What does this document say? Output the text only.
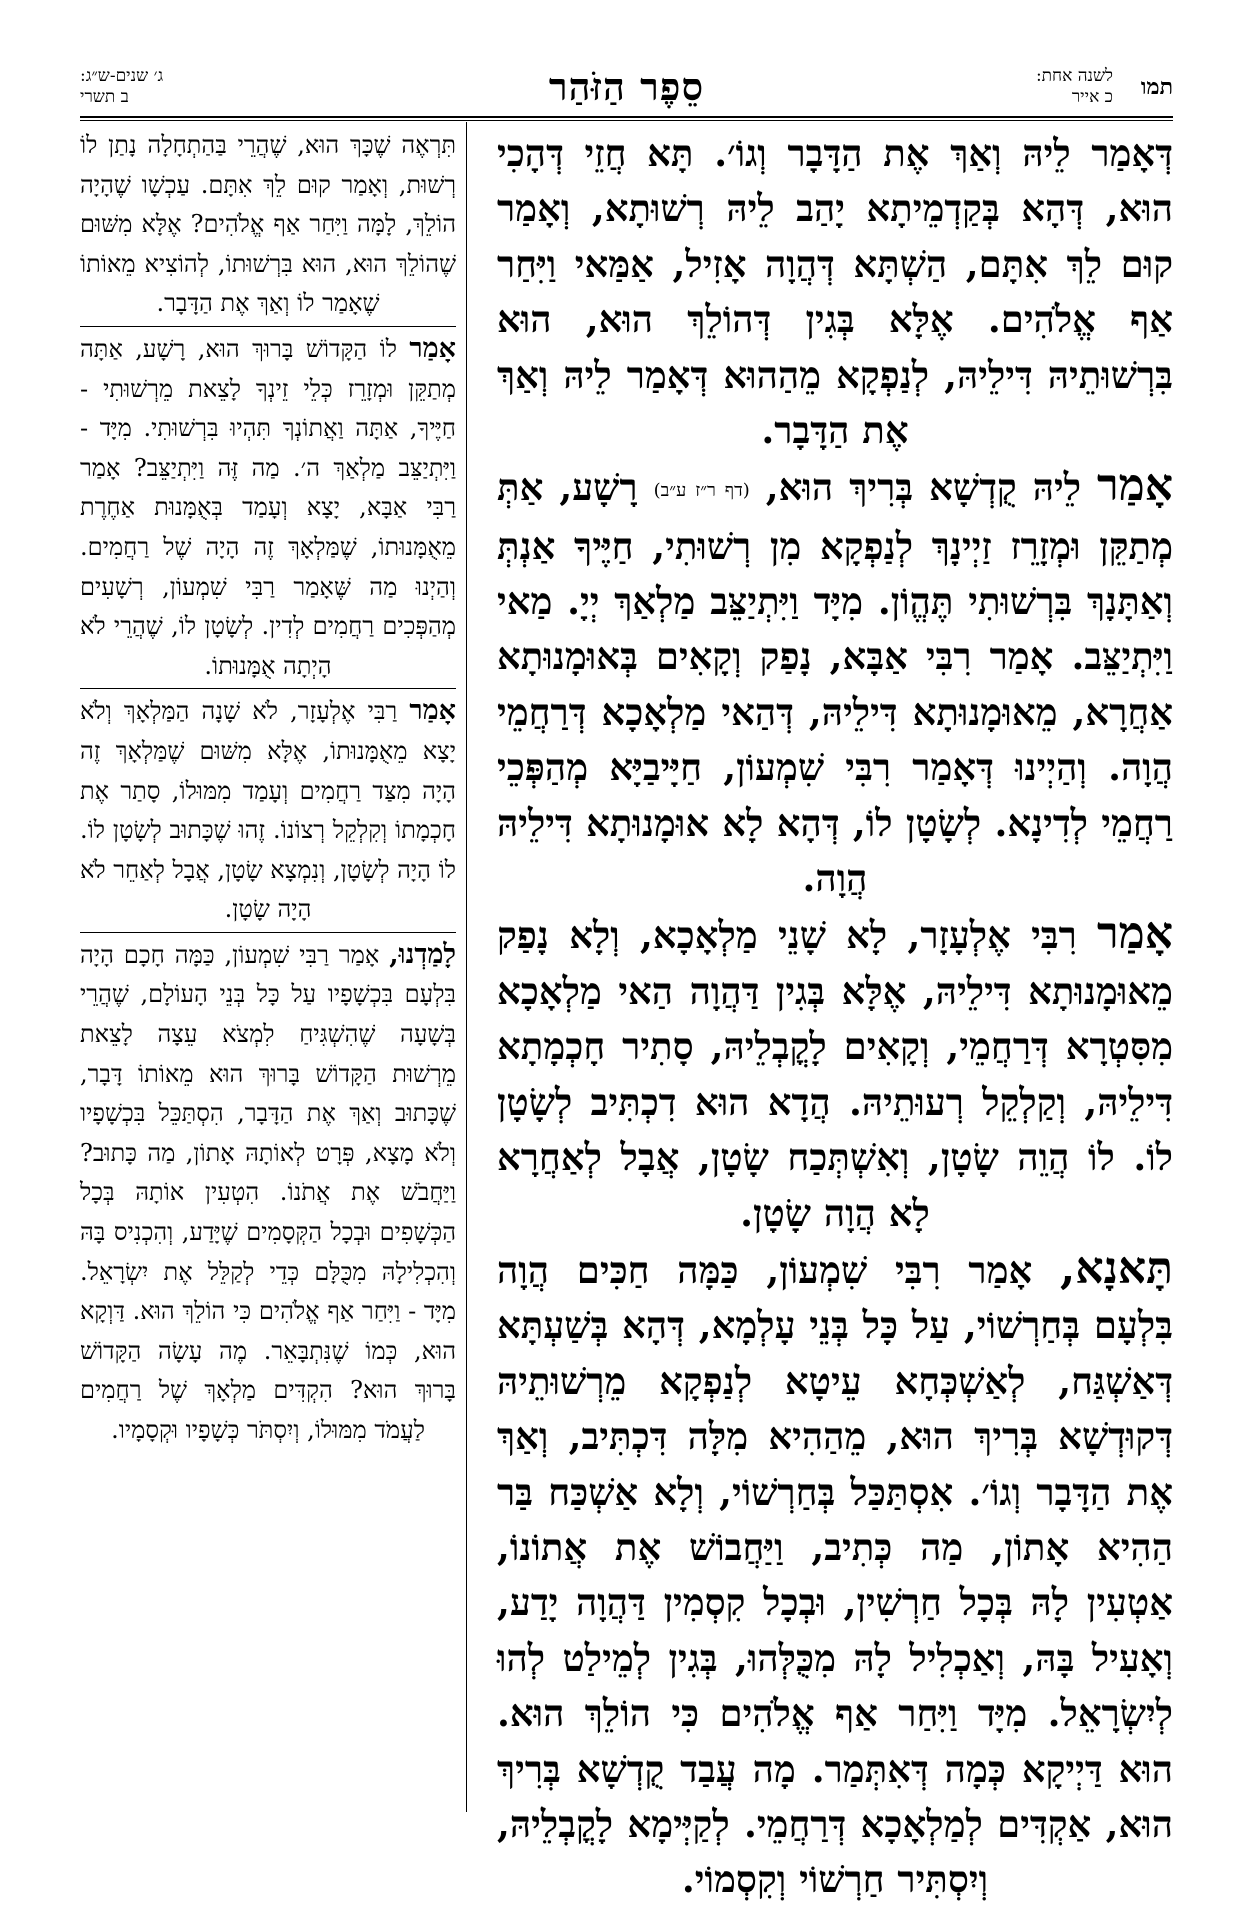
תמו
לשנה אחת:
כ אייר
סֵפֶר הַזֹּהַר
ג׳ שנים-ש״ג:
ב תשרי

דְּאָמַר לֵיהּ וְאַךְ אֶת הַדָּבָר וְגוֹ׳. תָּא חֲזֵי דְּהָכִי הוּא, דְּהָא בְּקַדְמֵיתָא יָהַב לֵיהּ רְשׁוּתָא, וְאָמַר קוּם לֵךְ אִתָּם, הַשְׁתָּא דְּהֲוָה אָזִיל, אַמַּאי וַיִּחַר אַף אֱלֹהִים. אֶלָּא בְּגִין דְּהוֹלֵךְ הוּא, הוּא בִּרְשׁוּתֵיהּ דִּילֵיהּ, לְנַפְקָא מֵהַהוּא דְּאָמַר לֵיהּ וְאַךְ אֶת הַדָּבָר.

אָמַר לֵיהּ קֻדְשָׁא בְּרִיךְ הוּא, (דף ר״ז ע״ב) רָשָׁע, אַתְּ מְתַקֵּן וּמְזָרֵז זַיְינָךְ לְנַפְקָא מִן רְשׁוּתִי, חַיֶּיךָ אַנְתְּ וְאַתָּנָךְ בִּרְשׁוּתִי תֶּהֱוֹן. מִיָּד וַיִּתְיַצֵּב מַלְאַךְ יְיָ. מַאי וַיִּתְיַצֵּב. אָמַר רִבִּי אַבָּא, נָפַק וְקָאִים בְּאוּמָנוּתָא אַחֲרָא, מֵאוּמָנוּתָא דִּילֵיהּ, דְּהַאי מַלְאָכָא דְּרַחֲמֵי הֲוָה. וְהַיְינוּ דְּאָמַר רִבִּי שִׁמְעוֹן, חַיָּיבַיָּא מְהַפְּכֵי רַחֲמֵי לְדִינָא. לְשָׂטָן לוֹ, דְּהָא לָא אוּמָנוּתָא דִּילֵיהּ הֲוָה.

אָמַר רִבִּי אֶלְעָזָר, לָא שָׁנֵי מַלְאָכָא, וְלָא נָפַק מֵאוּמָנוּתָא דִּילֵיהּ, אֶלָּא בְּגִין דַּהֲוָה הַאי מַלְאָכָא מִסִּטְרָא דְּרַחֲמֵי, וְקָאִים לָקֳבְלֵיהּ, סָתִיר חָכְמָתָא דִּילֵיהּ, וְקַלְקֵל רְעוּתֵיהּ. הֲדָא הוּא דִכְתִּיב לְשָׂטָן לוֹ. לוֹ הֲוֵה שָׂטָן, וְאִשְׁתְּכַח שָׂטָן, אֲבָל לְאַחֲרָא לָא הֲוָה שָׂטָן.

תָּאנָא, אָמַר רִבִּי שִׁמְעוֹן, כַּמָּה חַכִּים הֲוָה בִּלְעָם בְּחַרְשׁוֹי, עַל כָּל בְּנֵי עָלְמָא, דְּהָא בְּשַׁעְתָּא דְּאַשְׁגַּח, לְאַשְׁכְּחָא עֵיטָא לְנַפְקָא מֵרְשׁוּתֵיהּ דְּקוּדְשָׁא בְּרִיךְ הוּא, מֵהַהִיא מִלָּה דִּכְתִּיב, וְאַךְ אֶת הַדָּבָר וְגוֹ׳. אִסְתַּכַּל בְּחַרְשׁוֹי, וְלָא אַשְׁכַּח בַּר הַהִיא אָתוֹן, מַה כְּתִיב, וַיַּחֲבוֹשׁ אֶת אֲתוֹנוֹ, אַטְעִין לָהּ בְּכָל חַרְשִׁין, וּבְכָל קִסְמִין דַּהֲוָה יָדַע, וְאָעִיל בָּהּ, וְאַכְלִיל לָהּ מִכֻּלְּהוּ, בְּגִין לְמֵילַט לְהוּ לְיִשְׂרָאֵל. מִיָּד וַיִּחַר אַף אֱלֹהִים כִּי הוֹלֵךְ הוּא. הוּא דַּיְיקָא כְּמָה דְּאִתְּמַר. מָה עֲבַד קֻדְשָׁא בְּרִיךְ הוּא, אַקְדִּים לְמַלְאָכָא דְּרַחֲמֵי. לְקַיְּימָא לָקֳבְלֵיהּ, וְיִסְתִּיר חַרְשׁוֹי וְקִסְמוֹי.

תִּרְאֶה שֶׁכָּךְ הוּא, שֶׁהֲרֵי בַּהַתְחָלָה נָתַן לוֹ רְשׁוּת, וְאָמַר קוּם לֵךְ אִתָּם. עַכְשָׁו שֶׁהָיָה הוֹלֵךְ, לָמָּה וַיִּחַר אַף אֱלֹהִים? אֶלָּא מִשּׁוּם שֶׁהוֹלֵךְ הוּא, הוּא בִּרְשׁוּתוֹ, לְהוֹצִיא מֵאוֹתוֹ שֶׁאָמַר לוֹ וְאַךְ אֶת הַדָּבָר.

אָמַר לוֹ הַקָּדוֹשׁ בָּרוּךְ הוּא, רָשָׁע, אַתָּה מְתַקֵּן וּמְזָרֵז כְּלֵי זֵינְךָ לָצֵאת מֵרְשׁוּתִי - חַיֶּיךָ, אַתָּה וַאֲתוֹנְךָ תִּהְיוּ בִּרְשׁוּתִי. מִיָּד - וַיִּתְיַצֵּב מַלְאַךְ ה׳. מַה זֶּה וַיִּתְיַצֵּב? אָמַר רַבִּי אַבָּא, יָצָא וְעָמַד בְּאֻמָּנוּת אַחֶרֶת מֵאֻמָּנוּתוֹ, שֶׁמַּלְאָךְ זֶה הָיָה שֶׁל רַחֲמִים. וְהַיְנוּ מַה שֶּׁאָמַר רַבִּי שִׁמְעוֹן, רְשָׁעִים מְהַפְּכִים רַחֲמִים לְדִין. לְשָׂטָן לוֹ, שֶׁהֲרֵי לֹא הָיְתָה אֻמָּנוּתוֹ.

אָמַר רַבִּי אֶלְעָזָר, לֹא שָׁנָה הַמַּלְאָךְ וְלֹא יָצָא מֵאֻמָּנוּתוֹ, אֶלָּא מִשּׁוּם שֶׁמַּלְאָךְ זֶה הָיָה מִצַּד רַחֲמִים וְעָמַד מִמּוּלוֹ, סָתַר אֶת חָכְמָתוֹ וְקִלְקֵל רְצוֹנוֹ. זֶהוּ שֶׁכָּתוּב לְשָׂטָן לוֹ. לוֹ הָיָה לְשָׂטָן, וְנִמְצָא שָׂטָן, אֲבָל לְאַחֵר לֹא הָיָה שָׂטָן.

לָמַדְנוּ, אָמַר רַבִּי שִׁמְעוֹן, כַּמָּה חָכָם הָיָה בִּלְעָם בִּכְשָׁפָיו עַל כָּל בְּנֵי הָעוֹלָם, שֶׁהֲרֵי בְּשָׁעָה שֶׁהִשְׁגִּיחַ לִמְצֹא עֵצָה לָצֵאת מֵרְשׁוּת הַקָּדוֹשׁ בָּרוּךְ הוּא מֵאוֹתוֹ דָּבָר, שֶׁכָּתוּב וְאַךְ אֶת הַדָּבָר, הִסְתַּכֵּל בִּכְשָׁפָיו וְלֹא מָצָא, פְּרָט לְאוֹתָהּ אָתוֹן, מַה כָּתוּב? וַיַּחֲבֹשׁ אֶת אֲתֹנוֹ. הִטְעִין אוֹתָהּ בְּכָל הַכְּשָׁפִים וּבְכָל הַקְּסָמִים שֶׁיָּדַע, וְהִכְנִיס בָּהּ וְהִכְלִילָהּ מִכֻּלָּם כְּדֵי לְקַלֵּל אֶת יִשְׂרָאֵל. מִיָּד - וַיִּחַר אַף אֱלֹהִים כִּי הוֹלֵךְ הוּא. דַּוְקָא הוּא, כְּמוֹ שֶׁנִּתְבָּאֵר. מֶה עָשָׂה הַקָּדוֹשׁ בָּרוּךְ הוּא? הִקְדִּים מַלְאָךְ שֶׁל רַחֲמִים לַעֲמֹד מִמּוּלוֹ, וְיִסְתֹּר כְּשָׁפָיו וּקְסָמָיו.
